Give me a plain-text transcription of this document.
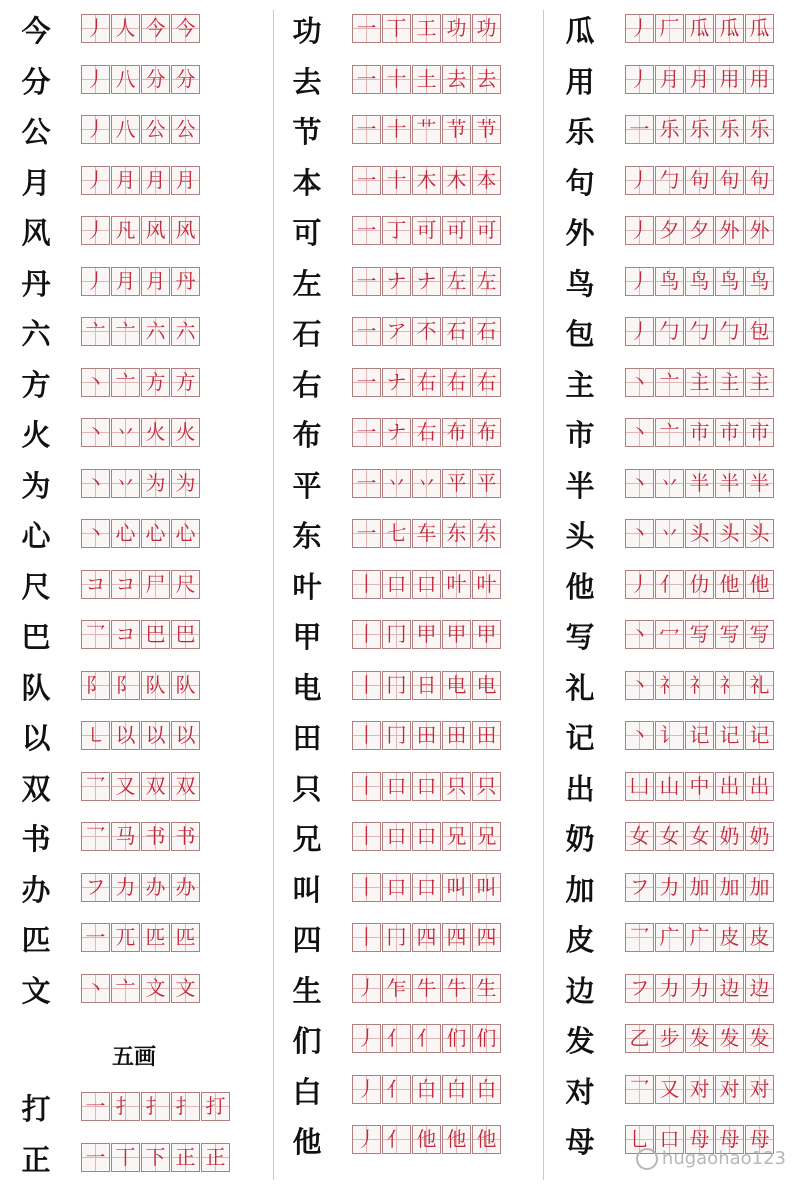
今 丿 人 今 今
分 丿 八 分 分
公 丿 八 公 公
月 丿 月 月 月
风 丿 凡 风 风
丹 丿 月 月 丹
六 亠 亠 六 六
方 丶 亠 方 方
火 丶 丷 火 火
为 丶 丷 为 为
心 丶 心 心 心
尺 コ コ 尸 尺
巴 乛 コ 巴 巴
队 阝 阝 队 队
以 ㇄ 以 以 以
双 乛 又 双 双
书 乛 马 书 书
办 フ 力 办 办
匹 一 兀 匹 匹
文 丶 亠 文 文
五画
打 一 扌 扌 扌 打
正 一 丅 下 正 正
功 一 丅 工 功 功
去 一 十 土 去 去
节 一 十 艹 节 节
本 一 十 木 木 本
可 一 丁 可 可 可
左 一 ナ ナ 左 左
石 一 ア 不 石 石
右 一 ナ 右 右 右
布 一 ナ 右 布 布
平 一 丷 丷 平 平
东 一 七 车 东 东
叶 丨 口 口 叶 叶
甲 丨 冂 甲 甲 甲
电 丨 冂 日 电 电
田 丨 冂 田 田 田
只 丨 口 口 只 只
兄 丨 口 口 兄 兄
叫 丨 口 口 叫 叫
四 丨 冂 四 四 四
生 丿 乍 牛 牛 生
们 丿 亻 亻 们 们
白 丿 亻 白 白 白
他 丿 亻 他 他 他
瓜 丿 厂 瓜 瓜 瓜
用 丿 月 月 用 用
乐 一 乐 乐 乐 乐
句 丿 勹 句 句 句
外 丿 夕 夕 外 外
鸟 丿 鸟 鸟 鸟 鸟
包 丿 勹 勹 勹 包
主 丶 亠 主 主 主
市 丶 亠 市 市 市
半 丶 丷 半 半 半
头 丶 丷 头 头 头
他 丿 亻 仂 他 他
写 丶 冖 写 写 写
礼 丶 礻 礻 礻 礼
记 丶 讠 记 记 记
出 凵 山 中 出 出
奶 女 女 女 奶 奶
加 フ 力 加 加 加
皮 乛 广 广 皮 皮
边 フ 力 力 边 边
发 乙 步 发 发 发
对 乛 又 对 对 对
母 乚 口 母 母 母
hugaohao123
